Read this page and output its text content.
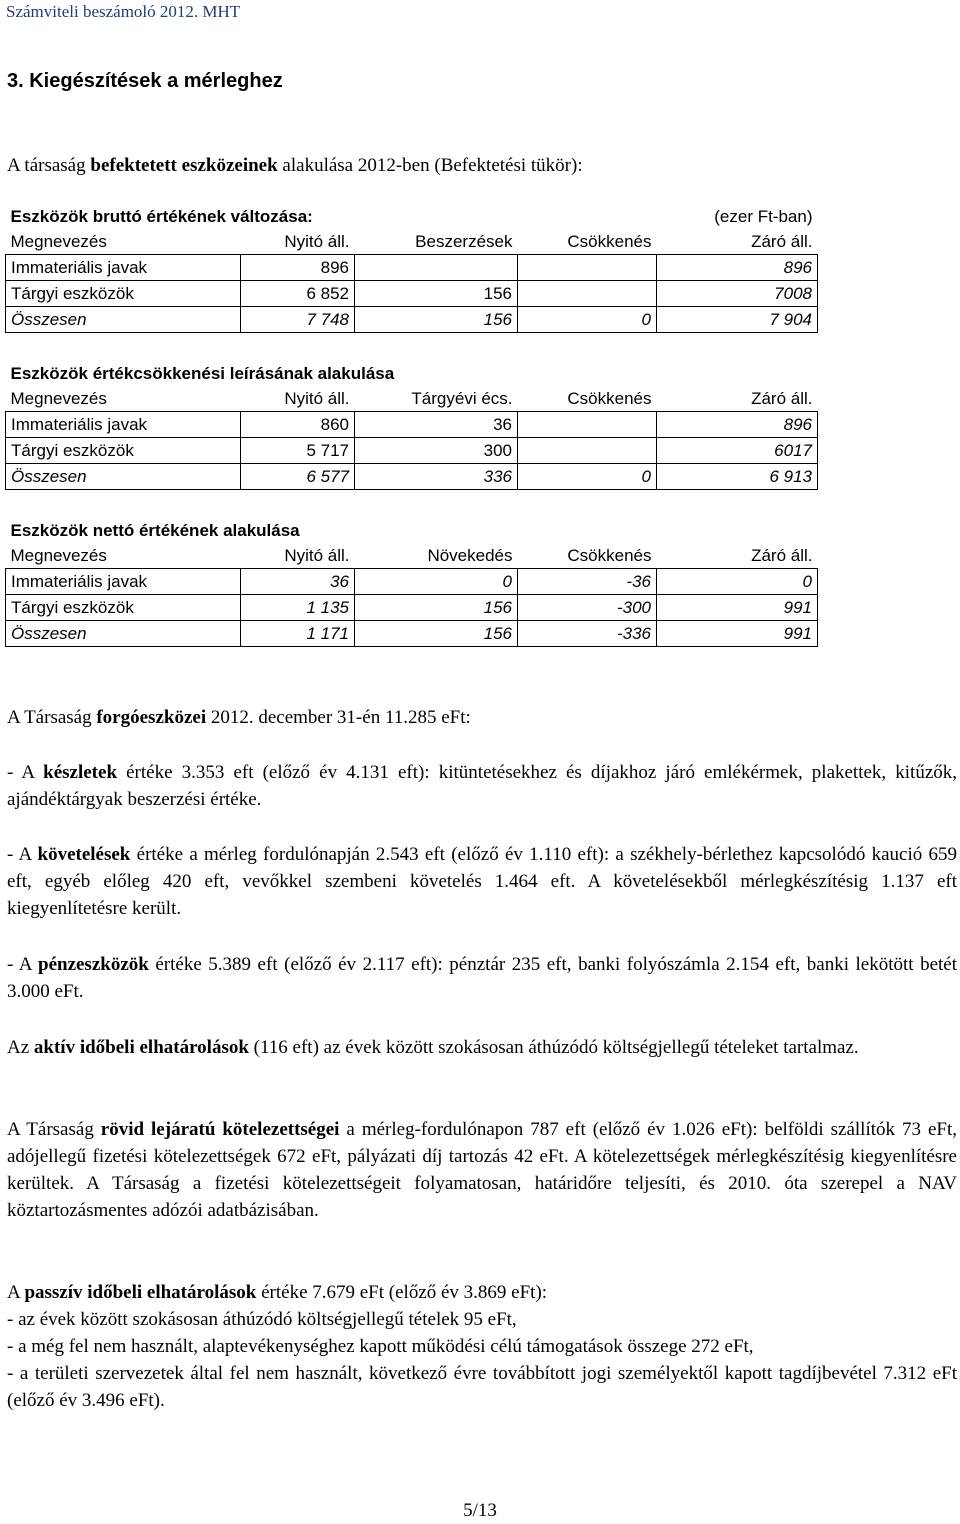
Számviteli beszámoló 2012. MHT
3. Kiegészítések a mérleghez
A társaság befektetett eszközeinek alakulása 2012-ben (Befektetési tükör):
Eszközök bruttó értékének változása:				(ezer Ft-ban)
Megnevezés	Nyitó áll.	Beszerzések	Csökkenés	Záró áll.
Immateriális javak	896			896
Tárgyi eszközök	6 852	156		7008
Összesen	7 748	156	0	7 904
Eszközök értékcsökkenési leírásának alakulása				
Megnevezés	Nyitó áll.	Tárgyévi écs.	Csökkenés	Záró áll.
Immateriális javak	860	36		896
Tárgyi eszközök	5 717	300		6017
Összesen	6 577	336	0	6 913
Eszközök nettó értékének alakulása				
Megnevezés	Nyitó áll.	Növekedés	Csökkenés	Záró áll.
Immateriális javak	36	0	-36	0
Tárgyi eszközök	1 135	156	-300	991
Összesen	1 171	156	-336	991
A Társaság forgóeszközei 2012. december 31-én 11.285 eFt:
- A készletek értéke 3.353 eft (előző év 4.131 eft): kitüntetésekhez és díjakhoz járó emlékérmek, plakettek, kitűzők, ajándéktárgyak beszerzési értéke.
- A követelések értéke a mérleg fordulónapján 2.543 eft (előző év 1.110 eft): a székhely-bérlethez kapcsolódó kaució 659 eft, egyéb előleg 420 eft, vevőkkel szembeni követelés 1.464 eft. A követelésekből mérlegkészítésig 1.137 eft kiegyenlítetésre került.
- A pénzeszközök értéke 5.389 eft (előző év 2.117 eft): pénztár 235 eft, banki folyószámla 2.154 eft, banki lekötött betét 3.000 eFt.
Az aktív időbeli elhatárolások (116 eft) az évek között szokásosan áthúzódó költségjellegű tételeket tartalmaz.
A Társaság rövid lejáratú kötelezettségei a mérleg-fordulónapon 787 eft (előző év 1.026 eFt): belföldi szállítók 73 eFt, adójellegű fizetési kötelezettségek 672 eFt, pályázati díj tartozás 42 eFt. A kötelezettségek mérlegkészítésig kiegyenlítésre kerültek. A Társaság a fizetési kötelezettségeit folyamatosan, határidőre teljesíti, és 2010. óta szerepel a NAV köztartozásmentes adózói adatbázisában.
A passzív időbeli elhatárolások értéke 7.679 eFt (előző év 3.869 eFt):
- az évek között szokásosan áthúzódó költségjellegű tételek 95 eFt,
- a még fel nem használt, alaptevékenységhez kapott működési célú támogatások összege 272 eFt,
- a területi szervezetek által fel nem használt, következő évre továbbított jogi személyektől kapott tagdíjbevétel 7.312 eFt (előző év 3.496 eFt).
5/13
